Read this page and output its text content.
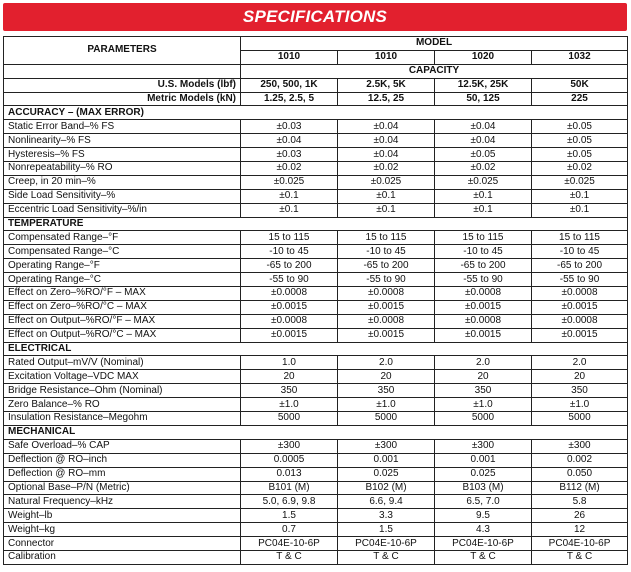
SPECIFICATIONS
PARAMETERS	MODEL			
	1010	1010	1020	1032
	CAPACITY			
U.S. Models (lbf)	250, 500, 1K	2.5K, 5K	12.5K, 25K	50K
Metric Models (kN)	1.25, 2.5, 5	12.5, 25	50, 125	225
ACCURACY – (MAX ERROR)				
Static Error Band–% FS	±0.03	±0.04	±0.04	±0.05
Nonlinearity–% FS	±0.04	±0.04	±0.04	±0.05
Hysteresis–% FS	±0.03	±0.04	±0.05	±0.05
Nonrepeatability–% RO	±0.02	±0.02	±0.02	±0.02
Creep, in 20 min–%	±0.025	±0.025	±0.025	±0.025
Side Load Sensitivity–%	±0.1	±0.1	±0.1	±0.1
Eccentric Load Sensitivity–%/in	±0.1	±0.1	±0.1	±0.1
TEMPERATURE				
Compensated Range–°F	15 to 115	15 to 115	15 to 115	15 to 115
Compensated Range–°C	-10 to 45	-10 to 45	-10 to 45	-10 to 45
Operating Range–°F	-65 to 200	-65 to 200	-65 to 200	-65 to 200
Operating Range–°C	-55 to 90	-55 to 90	-55 to 90	-55 to 90
Effect on Zero–%RO/°F – MAX	±0.0008	±0.0008	±0.0008	±0.0008
Effect on Zero–%RO/°C – MAX	±0.0015	±0.0015	±0.0015	±0.0015
Effect on Output–%RO/°F – MAX	±0.0008	±0.0008	±0.0008	±0.0008
Effect on Output–%RO/°C – MAX	±0.0015	±0.0015	±0.0015	±0.0015
ELECTRICAL				
Rated Output–mV/V (Nominal)	1.0	2.0	2.0	2.0
Excitation Voltage–VDC MAX	20	20	20	20
Bridge Resistance–Ohm (Nominal)	350	350	350	350
Zero Balance–% RO	±1.0	±1.0	±1.0	±1.0
Insulation Resistance–Megohm	5000	5000	5000	5000
MECHANICAL				
Safe Overload–% CAP	±300	±300	±300	±300
Deflection @ RO–inch	0.0005	0.001	0.001	0.002
Deflection @ RO–mm	0.013	0.025	0.025	0.050
Optional Base–P/N (Metric)	B101 (M)	B102 (M)	B103 (M)	B112 (M)
Natural Frequency–kHz	5.0, 6.9, 9.8	6.6, 9.4	6.5, 7.0	5.8
Weight–lb	1.5	3.3	9.5	26
Weight–kg	0.7	1.5	4.3	12
Connector	PC04E-10-6P	PC04E-10-6P	PC04E-10-6P	PC04E-10-6P
Calibration	T & C	T & C	T & C	T & C
